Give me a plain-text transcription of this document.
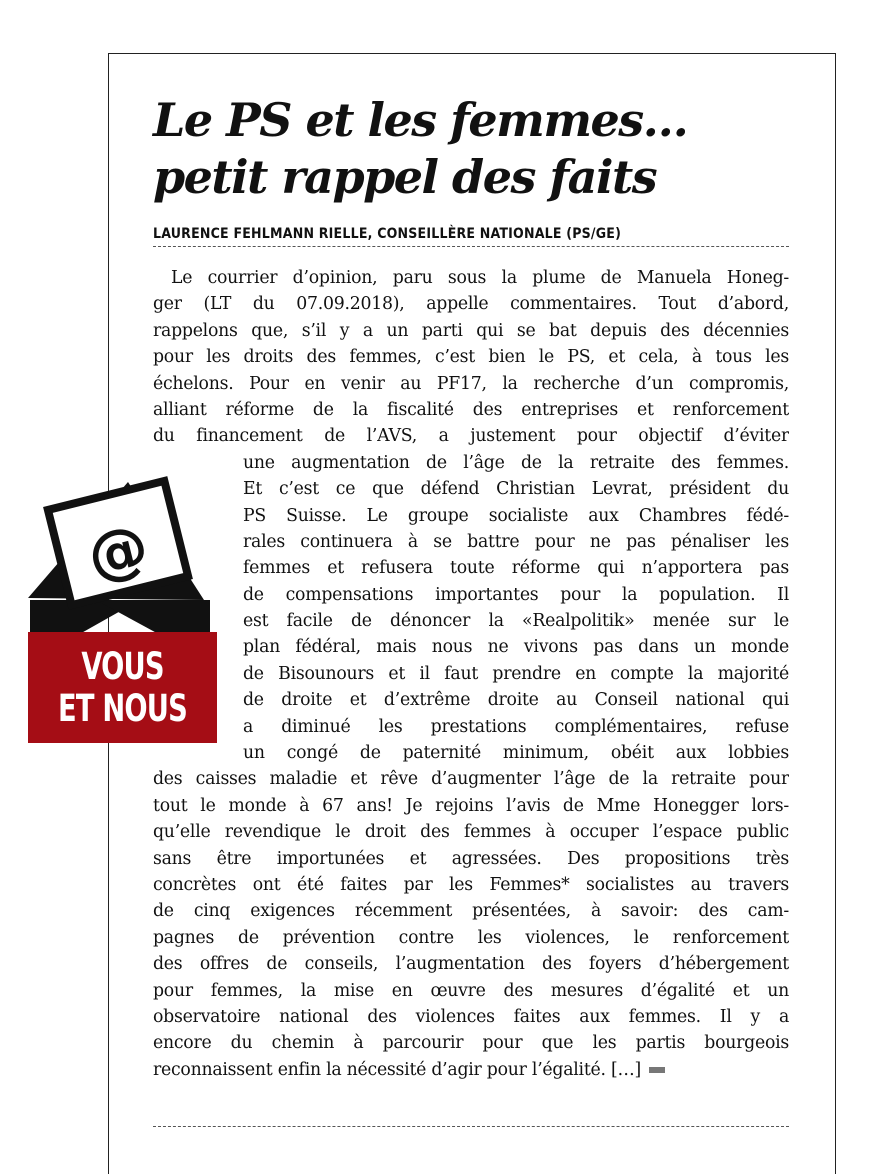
Le PS et les femmes…
petit rappel des faits
LAURENCE FEHLMANN RIELLE, CONSEILLÈRE NATIONALE (PS/GE)
Le courrier d’opinion, paru sous la plume de Manuela Honeg-
ger (LT du 07.09.2018), appelle commentaires. Tout d’abord,
rappelons que, s’il y a un parti qui se bat depuis des décennies
pour les droits des femmes, c’est bien le PS, et cela, à tous les
échelons. Pour en venir au PF17, la recherche d’un compromis,
alliant réforme de la fiscalité des entreprises et renforcement
du financement de l’AVS, a justement pour objectif d’éviter
une augmentation de l’âge de la retraite des femmes.
Et c’est ce que défend Christian Levrat, président du
PS Suisse. Le groupe socialiste aux Chambres fédé-
rales continuera à se battre pour ne pas pénaliser les
femmes et refusera toute réforme qui n’apportera pas
de compensations importantes pour la population. Il
est facile de dénoncer la «Realpolitik» menée sur le
plan fédéral, mais nous ne vivons pas dans un monde
de Bisounours et il faut prendre en compte la majorité
de droite et d’extrême droite au Conseil national qui
a diminué les prestations complémentaires, refuse
un congé de paternité minimum, obéit aux lobbies
des caisses maladie et rêve d’augmenter l’âge de la retraite pour
tout le monde à 67 ans! Je rejoins l’avis de Mme Honegger lors-
qu’elle revendique le droit des femmes à occuper l’espace public
sans être importunées et agressées. Des propositions très
concrètes ont été faites par les Femmes* socialistes au travers
de cinq exigences récemment présentées, à savoir: des cam-
pagnes de prévention contre les violences, le renforcement
des offres de conseils, l’augmentation des foyers d’hébergement
pour femmes, la mise en œuvre des mesures d’égalité et un
observatoire national des violences faites aux femmes. Il y a
encore du chemin à parcourir pour que les partis bourgeois
reconnaissent enfin la nécessité d’agir pour l’égalité. […]
@
VOUS
ET NOUS
